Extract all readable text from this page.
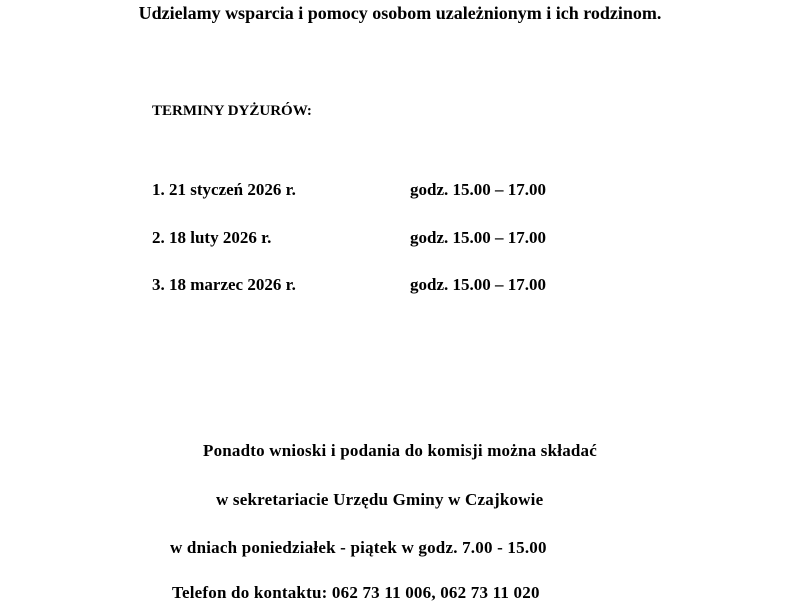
Udzielamy wsparcia i pomocy osobom uzależnionym i ich rodzinom.
TERMINY DYŻURÓW:
1. 21 styczeń 2026 r.	godz. 15.00 – 17.00
2. 18 luty 2026 r.	godz. 15.00 – 17.00
3. 18 marzec 2026 r.	godz. 15.00 – 17.00
Ponadto wnioski i podania do komisji można składać
w sekretariacie Urzędu Gminy w Czajkowie
w dniach poniedziałek - piątek w godz. 7.00 - 15.00
Telefon do kontaktu: 062 73 11 006, 062 73 11 020
